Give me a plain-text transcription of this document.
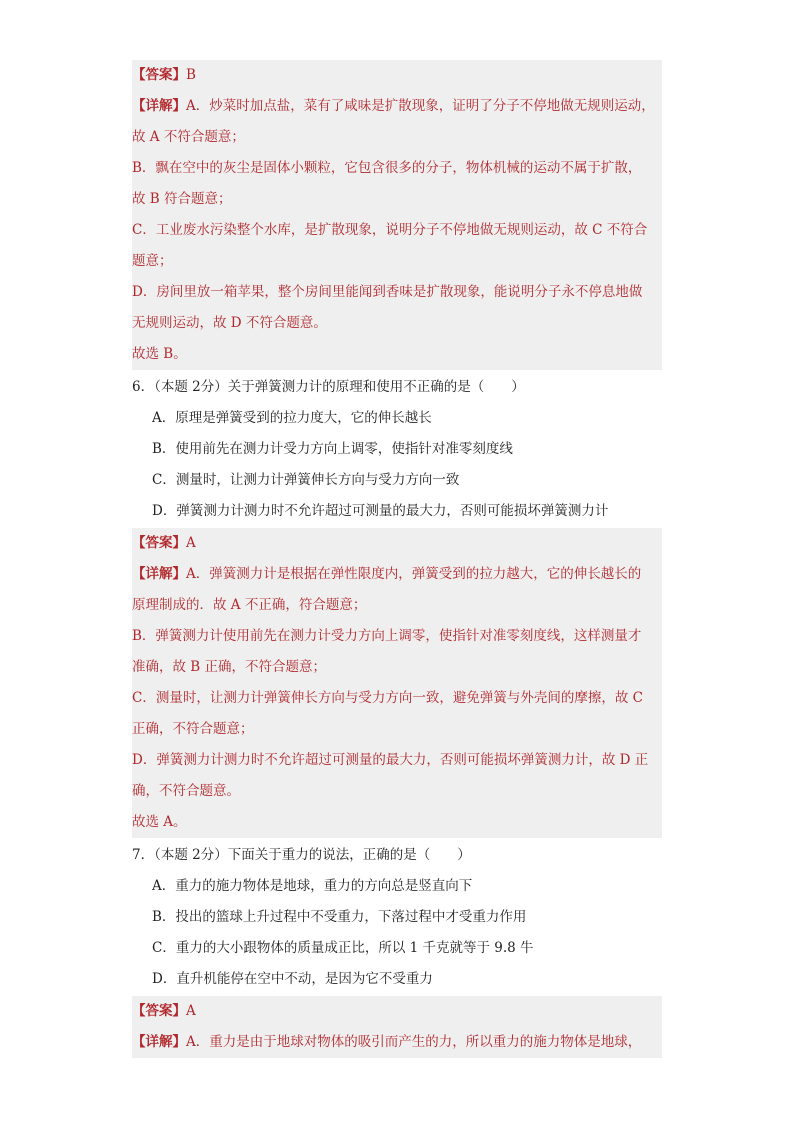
【答案】B
【详解】A．炒菜时加点盐，菜有了咸味是扩散现象，证明了分子不停地做无规则运动，
故 A 不符合题意；
B．飘在空中的灰尘是固体小颗粒，它包含很多的分子，物体机械的运动不属于扩散，
故 B 符合题意；
C．工业废水污染整个水库，是扩散现象，说明分子不停地做无规则运动，故 C 不符合
题意；
D．房间里放一箱苹果，整个房间里能闻到香味是扩散现象，能说明分子永不停息地做
无规则运动，故 D 不符合题意。
故选 B。
6．（本题 2分）关于弹簧测力计的原理和使用不正确的是（　　）
A．原理是弹簧受到的拉力度大，它的伸长越长
B．使用前先在测力计受力方向上调零，使指针对准零刻度线
C．测量时，让测力计弹簧伸长方向与受力方向一致
D．弹簧测力计测力时不允许超过可测量的最大力，否则可能损坏弹簧测力计
【答案】A
【详解】A．弹簧测力计是根据在弹性限度内，弹簧受到的拉力越大，它的伸长越长的
原理制成的．故 A 不正确，符合题意；
B．弹簧测力计使用前先在测力计受力方向上调零，使指针对准零刻度线，这样测量才
准确，故 B 正确，不符合题意；
C．测量时，让测力计弹簧伸长方向与受力方向一致，避免弹簧与外壳间的摩擦，故 C
正确，不符合题意；
D．弹簧测力计测力时不允许超过可测量的最大力，否则可能损坏弹簧测力计，故 D 正
确，不符合题意。
故选 A。
7．（本题 2分）下面关于重力的说法，正确的是（　　）
A．重力的施力物体是地球，重力的方向总是竖直向下
B．投出的篮球上升过程中不受重力，下落过程中才受重力作用
C．重力的大小跟物体的质量成正比，所以 1 千克就等于 9.8 牛
D．直升机能停在空中不动，是因为它不受重力
【答案】A
【详解】A．重力是由于地球对物体的吸引而产生的力，所以重力的施力物体是地球，
